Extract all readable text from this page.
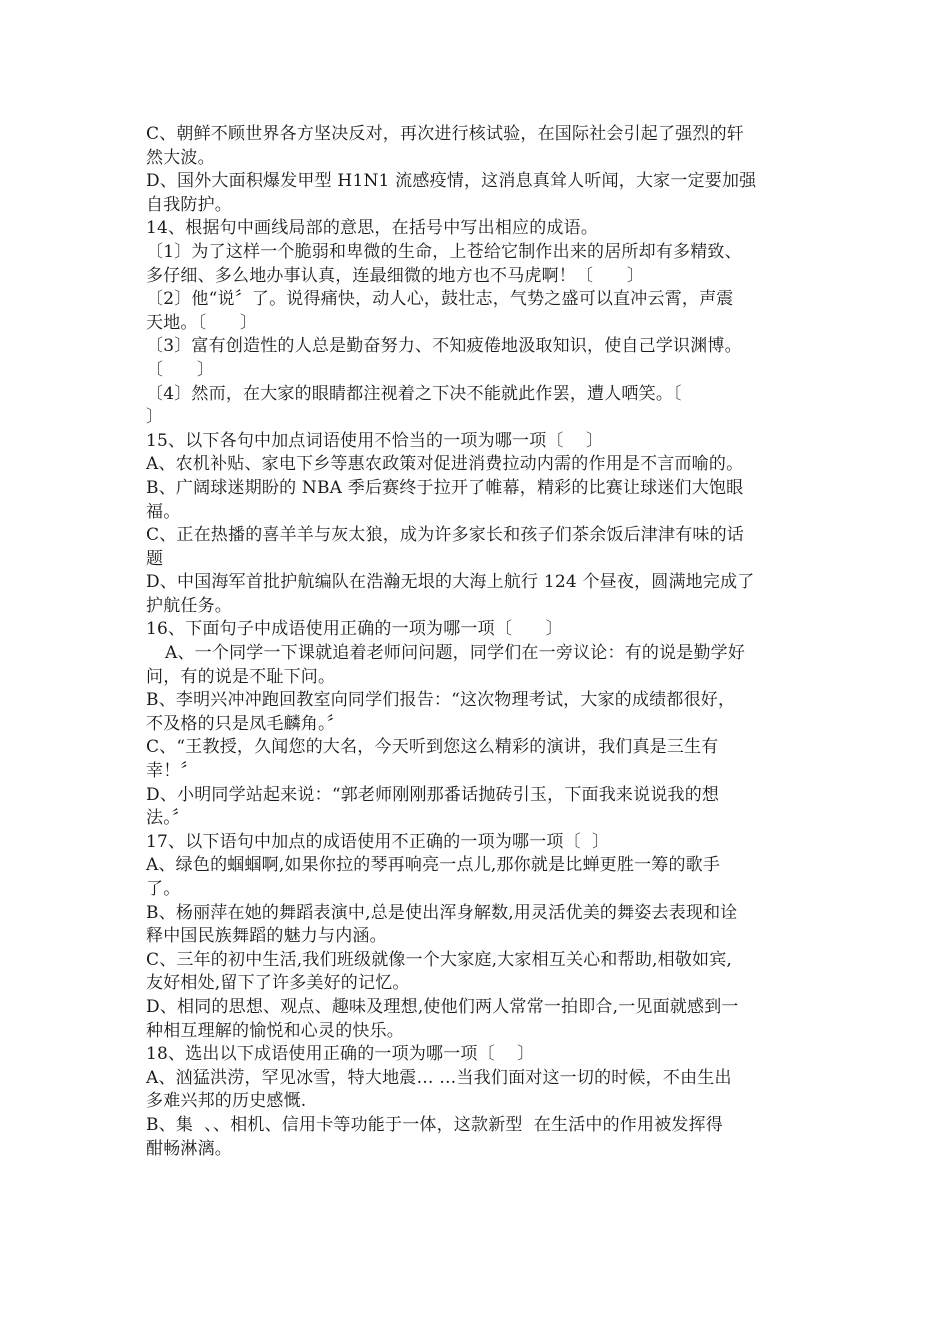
C、朝鲜不顾世界各方坚决反对，再次进行核试验，在国际社会引起了强烈的轩
然大波。
D、国外大面积爆发甲型 H1N1 流感疫情，这消息真耸人听闻，大家一定要加强
自我防护。
14、根据句中画线局部的意思，在括号中写出相应的成语。
〔1〕为了这样一个脆弱和卑微的生命，上苍给它制作出来的居所却有多精致、
多仔细、多么地办事认真，连最细微的地方也不马虎啊！〔      〕
〔2〕他“说〞了。说得痛快，动人心，鼓壮志，气势之盛可以直冲云霄，声震
天地。〔      〕
〔3〕富有创造性的人总是勤奋努力、不知疲倦地汲取知识，使自己学识渊博。
〔      〕
〔4〕然而，在大家的眼睛都注视着之下决不能就此作罢，遭人哂笑。〔
〕
15、以下各句中加点词语使用不恰当的一项为哪一项〔    〕
A、农机补贴、家电下乡等惠农政策对促进消费拉动内需的作用是不言而喻的。
B、广阔球迷期盼的 NBA 季后赛终于拉开了帷幕，精彩的比赛让球迷们大饱眼
福。
C、正在热播的喜羊羊与灰太狼，成为许多家长和孩子们茶余饭后津津有味的话
题
D、中国海军首批护航编队在浩瀚无垠的大海上航行 124 个昼夜，圆满地完成了
护航任务。
16、下面句子中成语使用正确的一项为哪一项〔      〕
A、一个同学一下课就追着老师问问题，同学们在一旁议论：有的说是勤学好
问，有的说是不耻下问。
B、李明兴冲冲跑回教室向同学们报告：“这次物理考试，大家的成绩都很好，
不及格的只是凤毛麟角。〞
C、“王教授，久闻您的大名，今天听到您这么精彩的演讲，我们真是三生有
幸！〞
D、小明同学站起来说：“郭老师刚刚那番话抛砖引玉，下面我来说说我的想
法。〞
17、以下语句中加点的成语使用不正确的一项为哪一项〔  〕
A、绿色的蝈蝈啊,如果你拉的琴再响亮一点儿,那你就是比蝉更胜一筹的歌手
了。
B、杨丽萍在她的舞蹈表演中,总是使出浑身解数,用灵活优美的舞姿去表现和诠
释中国民族舞蹈的魅力与内涵。
C、三年的初中生活,我们班级就像一个大家庭,大家相互关心和帮助,相敬如宾,
友好相处,留下了许多美好的记忆。
D、相同的思想、观点、趣味及理想,使他们两人常常一拍即合,一见面就感到一
种相互理解的愉悦和心灵的快乐。
18、选出以下成语使用正确的一项为哪一项〔    〕
A、汹猛洪涝，罕见冰雪，特大地震… …当我们面对这一切的时候，不由生出
多难兴邦的历史感慨.
B、集  、、相机、信用卡等功能于一体，这款新型  在生活中的作用被发挥得
酣畅淋漓。
